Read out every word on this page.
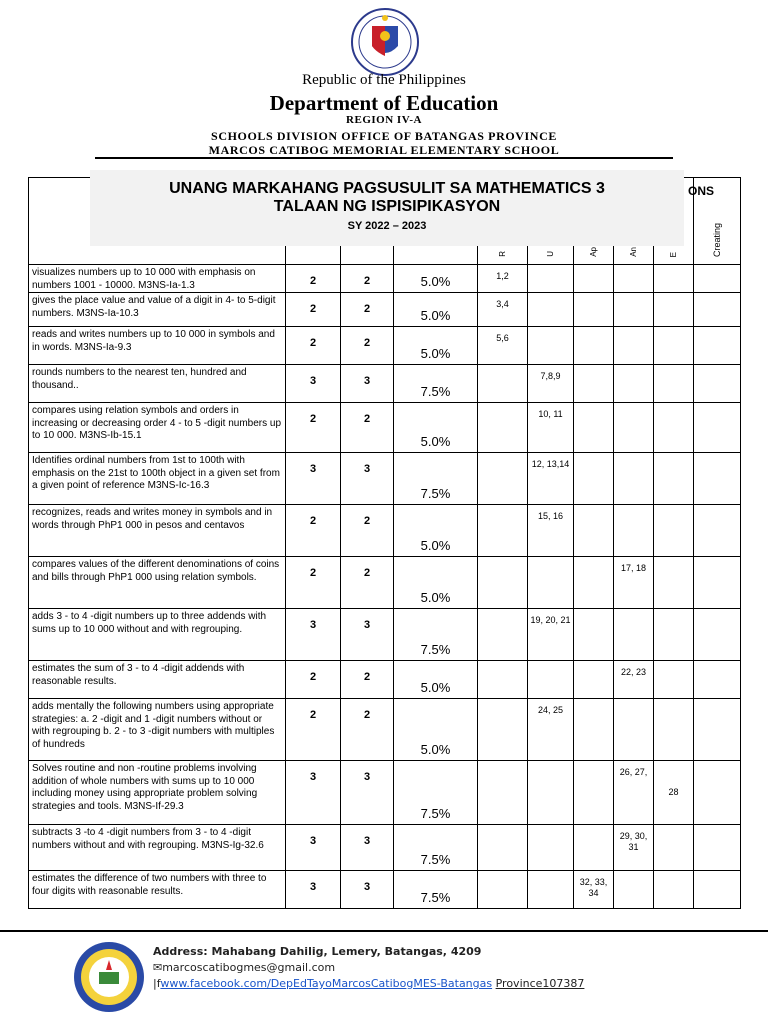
Republic of the Philippines
Department of Education
REGION IV-A
SCHOOLS DIVISION OFFICE OF BATANGAS PROVINCE
MARCOS CATIBOG MEMORIAL ELEMENTARY SCHOOL
				R	U	Ap	An	E	Creating
visualizes numbers up to 10 000 with emphasis on numbers 1001 - 10000. M3NS-Ia-1.3	2	2	5.0%	1,2					
gives the place value and value of a digit in 4- to 5-digit numbers. M3NS-Ia-10.3	2	2	5.0%	3,4					
reads and writes numbers up to 10 000 in symbols and in words. M3NS-Ia-9.3	2	2	5.0%	5,6					
rounds numbers to the nearest ten, hundred and thousand..	3	3	7.5%		7,8,9				
compares using relation symbols and orders in increasing or decreasing order 4 - to 5 -digit numbers up to 10 000. M3NS-Ib-15.1	2	2	5.0%		10, 11				
Identifies ordinal numbers from 1st to 100th with emphasis on the 21st to 100th object in a given set from a given point of reference M3NS-Ic-16.3	3	3	7.5%		12, 13,14				
recognizes, reads and writes money in symbols and in words through PhP1 000 in pesos and centavos	2	2	5.0%		15, 16				
compares values of the different denominations of coins and bills through PhP1 000 using relation symbols.	2	2	5.0%				17, 18		
adds 3 - to 4 -digit numbers up to three addends with sums up to 10 000 without and with regrouping.	3	3	7.5%		19, 20, 21				
estimates the sum of 3 - to 4 -digit addends with reasonable results.	2	2	5.0%				22, 23		
adds mentally the following numbers using appropriate strategies: a. 2 -digit and 1 -digit numbers without or with regrouping b. 2 - to 3 -digit numbers with multiples of hundreds	2	2	5.0%		24, 25				
Solves routine and non -routine problems involving addition of whole numbers with sums up to 10 000 including money using appropriate problem solving strategies and tools. M3NS-If-29.3	3	3	7.5%				26, 27,	28	
subtracts 3 -to 4 -digit numbers from 3 - to 4 -digit numbers without and with regrouping. M3NS-Ig-32.6	3	3	7.5%				29, 30, 31		
estimates the difference of two numbers with three to four digits with reasonable results.	3	3	7.5%			32, 33, 34			
ONS
UNANG MARKAHANG PAGSUSULIT SA MATHEMATICS 3
TALAAN NG ISPISIPIKASYON
SY 2022 – 2023
Address: Mahabang Dahilig, Lemery, Batangas, 4209
✉marcoscatibogmes@gmail.com
|fwww.facebook.com/DepEdTayoMarcosCatibogMES-Batangas Province107387
